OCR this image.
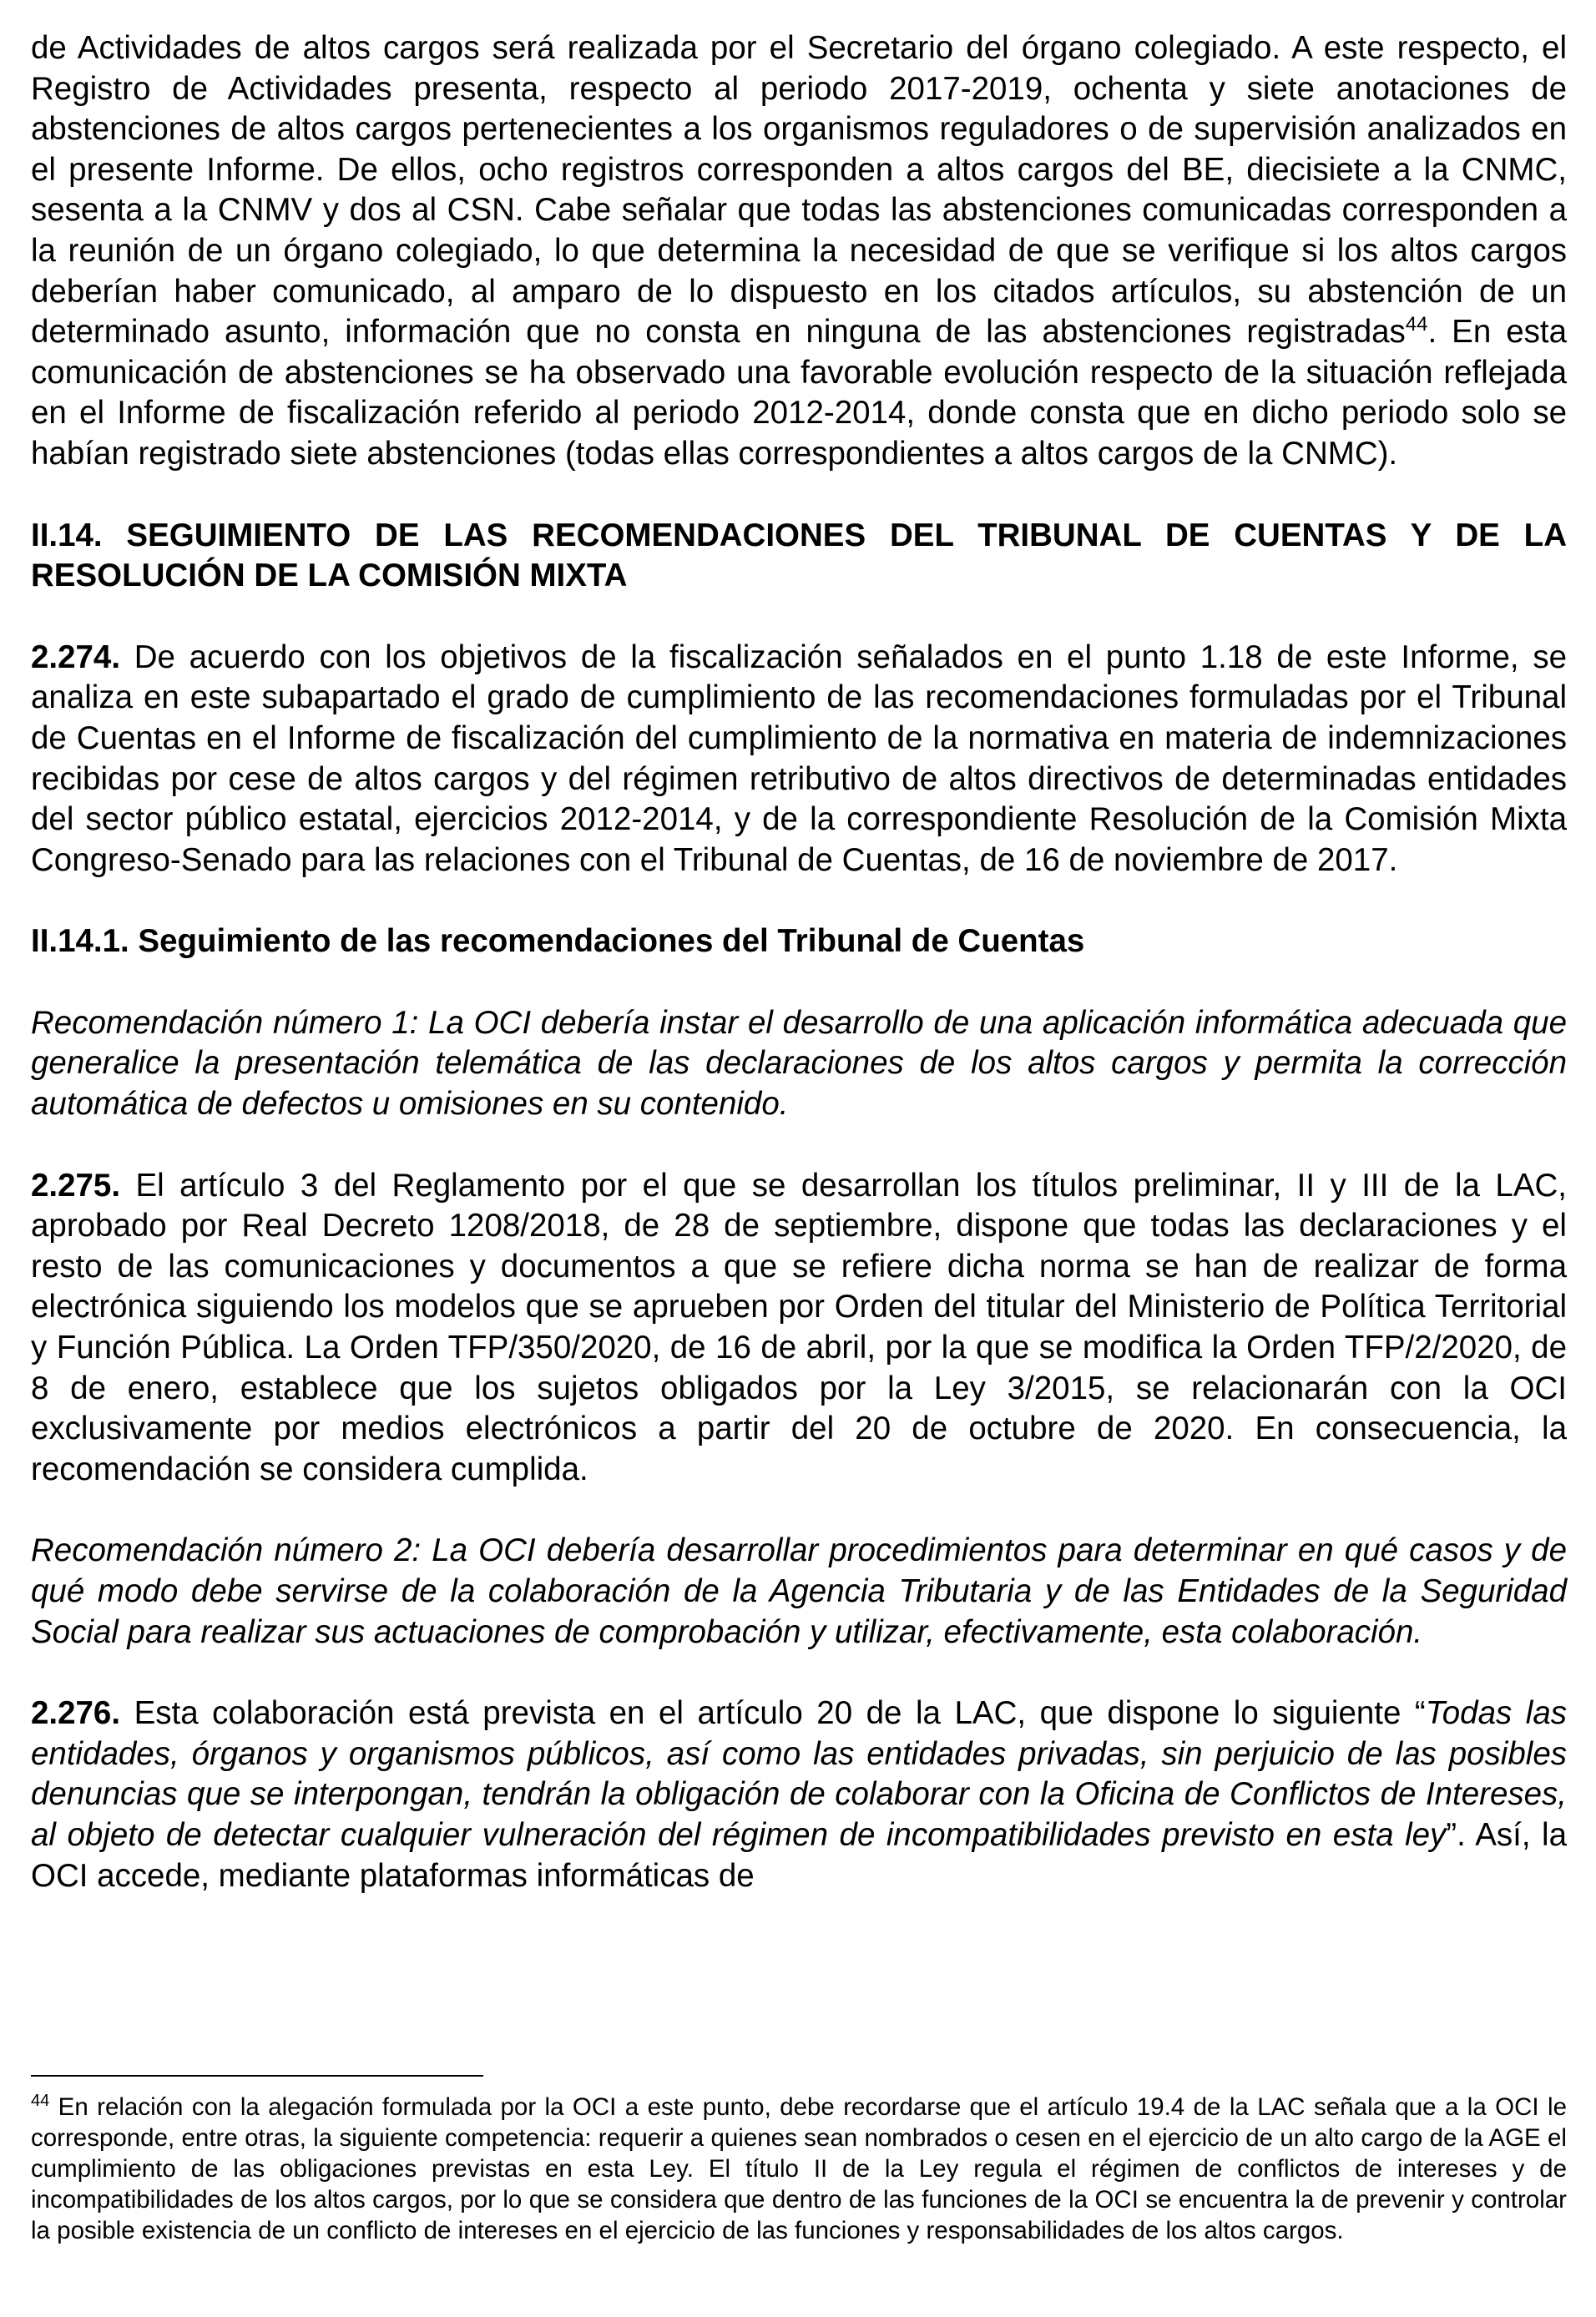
de Actividades de altos cargos será realizada por el Secretario del órgano colegiado. A este respecto, el Registro de Actividades presenta, respecto al periodo 2017-2019, ochenta y siete anotaciones de abstenciones de altos cargos pertenecientes a los organismos reguladores o de supervisión analizados en el presente Informe. De ellos, ocho registros corresponden a altos cargos del BE, diecisiete a la CNMC, sesenta a la CNMV y dos al CSN. Cabe señalar que todas las abstenciones comunicadas corresponden a la reunión de un órgano colegiado, lo que determina la necesidad de que se verifique si los altos cargos deberían haber comunicado, al amparo de lo dispuesto en los citados artículos, su abstención de un determinado asunto, información que no consta en ninguna de las abstenciones registradas$^{44}$. En esta comunicación de abstenciones se ha observado una favorable evolución respecto de la situación reflejada en el Informe de fiscalización referido al periodo 2012-2014, donde consta que en dicho periodo solo se habían registrado siete abstenciones (todas ellas correspondientes a altos cargos de la CNMC).

II.14. SEGUIMIENTO DE LAS RECOMENDACIONES DEL TRIBUNAL DE CUENTAS Y DE LA RESOLUCIÓN DE LA COMISIÓN MIXTA

2.274. De acuerdo con los objetivos de la fiscalización señalados en el punto 1.18 de este Informe, se analiza en este subapartado el grado de cumplimiento de las recomendaciones formuladas por el Tribunal de Cuentas en el Informe de fiscalización del cumplimiento de la normativa en materia de indemnizaciones recibidas por cese de altos cargos y del régimen retributivo de altos directivos de determinadas entidades del sector público estatal, ejercicios 2012-2014, y de la correspondiente Resolución de la Comisión Mixta Congreso-Senado para las relaciones con el Tribunal de Cuentas, de 16 de noviembre de 2017.

II.14.1. Seguimiento de las recomendaciones del Tribunal de Cuentas

Recomendación número 1: La OCI debería instar el desarrollo de una aplicación informática adecuada que generalice la presentación telemática de las declaraciones de los altos cargos y permita la corrección automática de defectos u omisiones en su contenido.

2.275. El artículo 3 del Reglamento por el que se desarrollan los títulos preliminar, II y III de la LAC, aprobado por Real Decreto 1208/2018, de 28 de septiembre, dispone que todas las declaraciones y el resto de las comunicaciones y documentos a que se refiere dicha norma se han de realizar de forma electrónica siguiendo los modelos que se aprueben por Orden del titular del Ministerio de Política Territorial y Función Pública. La Orden TFP/350/2020, de 16 de abril, por la que se modifica la Orden TFP/2/2020, de 8 de enero, establece que los sujetos obligados por la Ley 3/2015, se relacionarán con la OCI exclusivamente por medios electrónicos a partir del 20 de octubre de 2020. En consecuencia, la recomendación se considera cumplida.

Recomendación número 2: La OCI debería desarrollar procedimientos para determinar en qué casos y de qué modo debe servirse de la colaboración de la Agencia Tributaria y de las Entidades de la Seguridad Social para realizar sus actuaciones de comprobación y utilizar, efectivamente, esta colaboración.

2.276. Esta colaboración está prevista en el artículo 20 de la LAC, que dispone lo siguiente “Todas las entidades, órganos y organismos públicos, así como las entidades privadas, sin perjuicio de las posibles denuncias que se interpongan, tendrán la obligación de colaborar con la Oficina de Conflictos de Intereses, al objeto de detectar cualquier vulneración del régimen de incompatibilidades previsto en esta ley”. Así, la OCI accede, mediante plataformas informáticas de

$^{44}$ En relación con la alegación formulada por la OCI a este punto, debe recordarse que el artículo 19.4 de la LAC señala que a la OCI le corresponde, entre otras, la siguiente competencia: requerir a quienes sean nombrados o cesen en el ejercicio de un alto cargo de la AGE el cumplimiento de las obligaciones previstas en esta Ley. El título II de la Ley regula el régimen de conflictos de intereses y de incompatibilidades de los altos cargos, por lo que se considera que dentro de las funciones de la OCI se encuentra la de prevenir y controlar la posible existencia de un conflicto de intereses en el ejercicio de las funciones y responsabilidades de los altos cargos.
